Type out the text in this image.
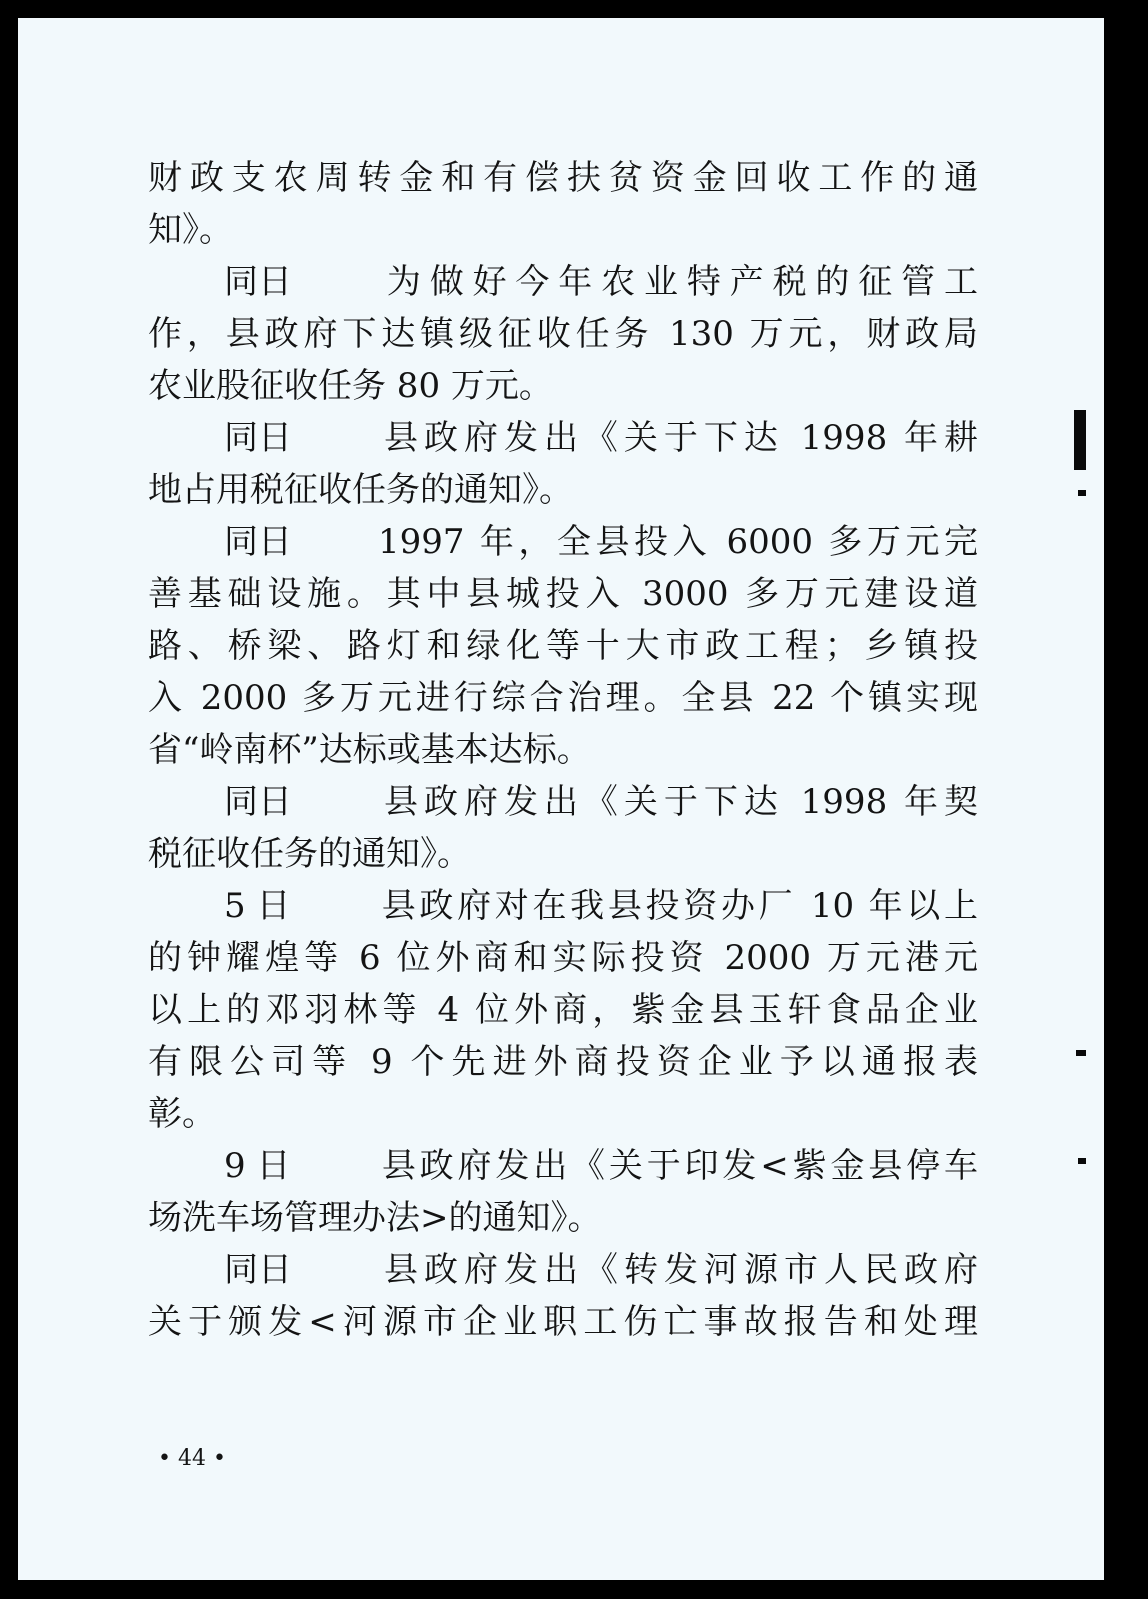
财政支农周转金和有偿扶贫资金回收工作的通
知》。
同日	为做好今年农业特产税的征管工
作，县政府下达镇级征收任务 130 万元，财政局
农业股征收任务 80 万元。
同日	县政府发出《关于下达 1998 年耕
地占用税征收任务的通知》。
同日	1997 年，全县投入 6000 多万元完
善基础设施。其中县城投入 3000 多万元建设道
路、桥梁、路灯和绿化等十大市政工程；乡镇投
入 2000 多万元进行综合治理。全县 22 个镇实现
省“岭南杯”达标或基本达标。
同日	县政府发出《关于下达 1998 年契
税征收任务的通知》。
5 日	县政府对在我县投资办厂 10 年以上
的钟耀煌等 6 位外商和实际投资 2000 万元港元
以上的邓羽林等 4 位外商，紫金县玉轩食品企业
有限公司等 9 个先进外商投资企业予以通报表
彰。
9 日	县政府发出《关于印发<紫金县停车
场洗车场管理办法>的通知》。
同日	县政府发出《转发河源市人民政府
关于颁发<河源市企业职工伤亡事故报告和处理
• 44 •
